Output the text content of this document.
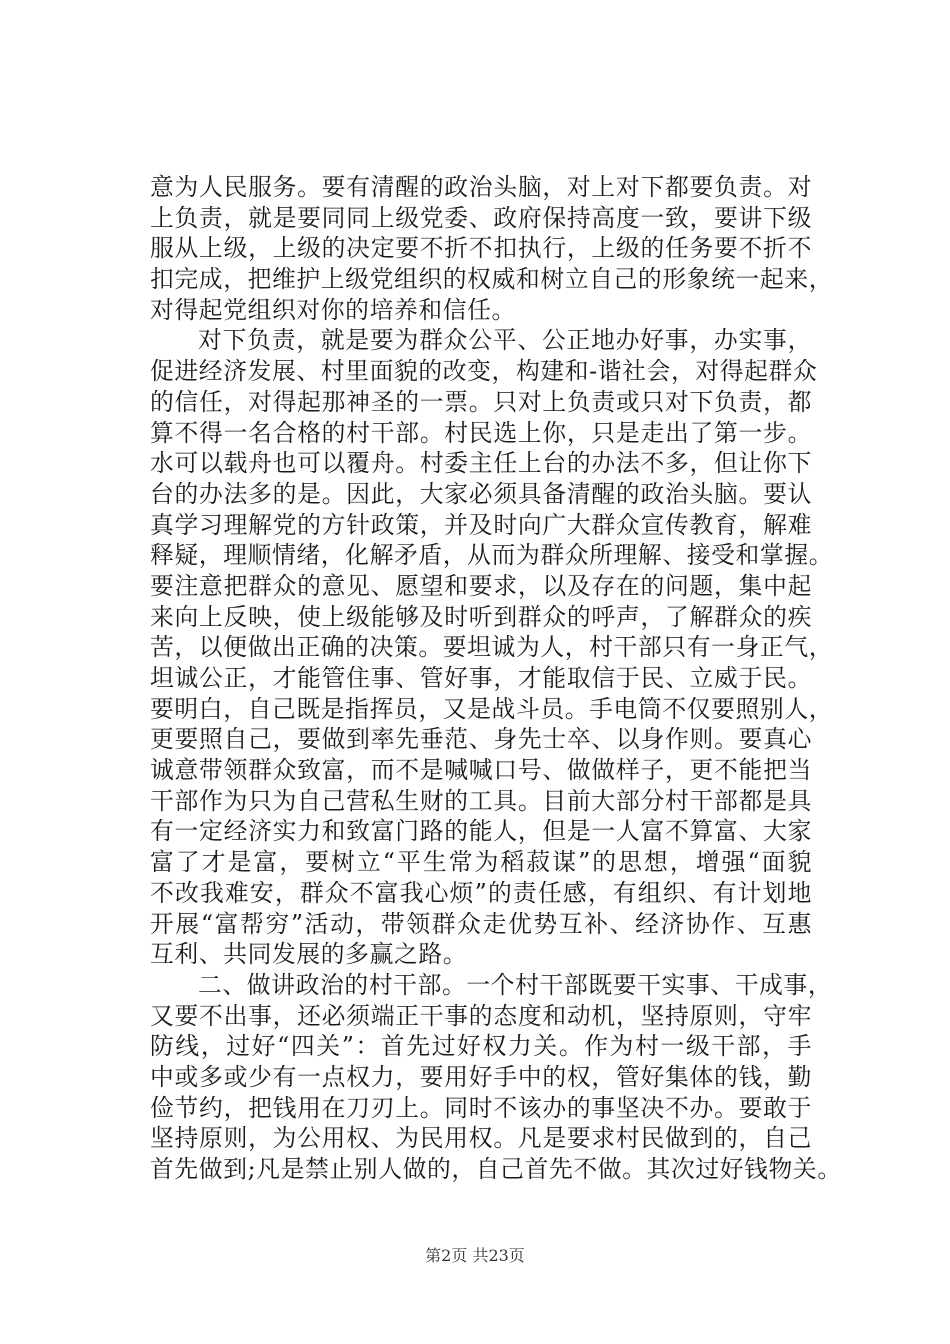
意为人民服务。要有清醒的政治头脑，对上对下都要负责。对
上负责，就是要同同上级党委、政府保持高度一致，要讲下级
服从上级，上级的决定要不折不扣执行，上级的任务要不折不
扣完成，把维护上级党组织的权威和树立自己的形象统一起来，
对得起党组织对你的培养和信任。
对下负责，就是要为群众公平、公正地办好事，办实事，
促进经济发展、村里面貌的改变，构建和-谐社会，对得起群众
的信任，对得起那神圣的一票。只对上负责或只对下负责，都
算不得一名合格的村干部。村民选上你，只是走出了第一步。
水可以载舟也可以覆舟。村委主任上台的办法不多，但让你下
台的办法多的是。因此，大家必须具备清醒的政治头脑。要认
真学习理解党的方针政策，并及时向广大群众宣传教育，解难
释疑，理顺情绪，化解矛盾，从而为群众所理解、接受和掌握。
要注意把群众的意见、愿望和要求，以及存在的问题，集中起
来向上反映，使上级能够及时听到群众的呼声，了解群众的疾
苦，以便做出正确的决策。要坦诚为人，村干部只有一身正气，
坦诚公正，才能管住事、管好事，才能取信于民、立威于民。
要明白，自己既是指挥员，又是战斗员。手电筒不仅要照别人，
更要照自己，要做到率先垂范、身先士卒、以身作则。要真心
诚意带领群众致富，而不是喊喊口号、做做样子，更不能把当
干部作为只为自己营私生财的工具。目前大部分村干部都是具
有一定经济实力和致富门路的能人，但是一人富不算富、大家
富了才是富，要树立“平生常为稻菽谋”的思想，增强“面貌
不改我难安，群众不富我心烦”的责任感，有组织、有计划地
开展“富帮穷”活动，带领群众走优势互补、经济协作、互惠
互利、共同发展的多赢之路。
二、做讲政治的村干部。一个村干部既要干实事、干成事，
又要不出事，还必须端正干事的态度和动机，坚持原则，守牢
防线，过好“四关”：首先过好权力关。作为村一级干部，手
中或多或少有一点权力，要用好手中的权，管好集体的钱，勤
俭节约，把钱用在刀刃上。同时不该办的事坚决不办。要敢于
坚持原则，为公用权、为民用权。凡是要求村民做到的，自己
首先做到;凡是禁止别人做的，自己首先不做。其次过好钱物关。
第2页 共23页
